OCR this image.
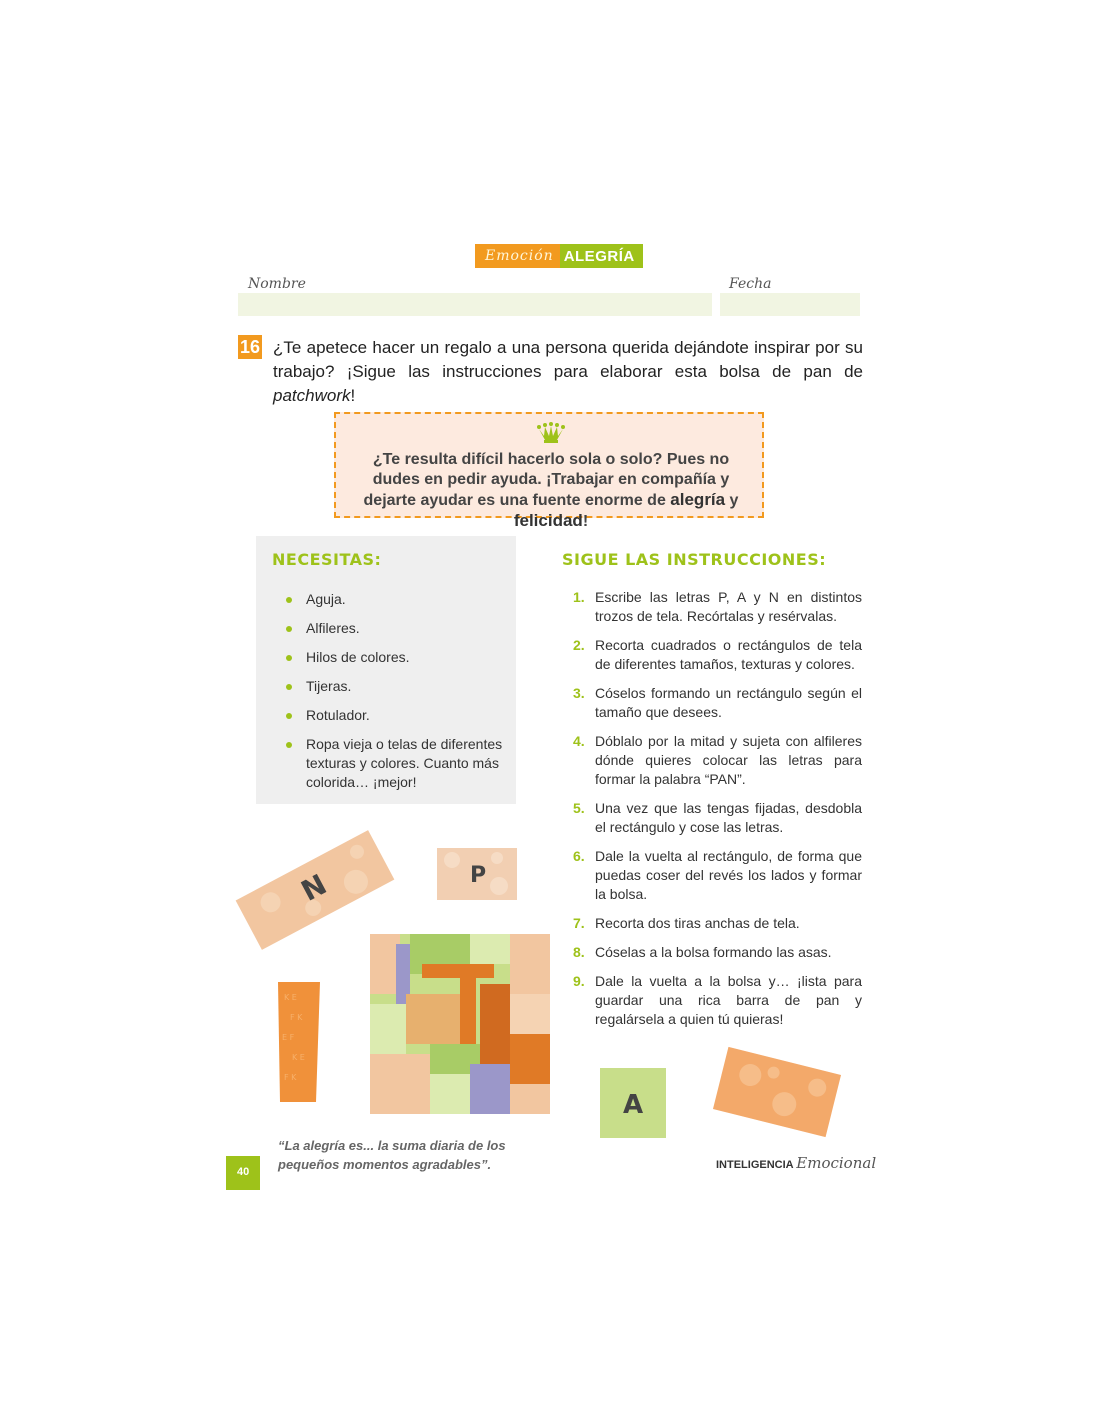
Emoción ALEGRÍA
Nombre	Fecha
16 ¿Te apetece hacer un regalo a una persona querida dejándote inspirar por su trabajo? ¡Sigue las instrucciones para elaborar esta bolsa de pan de patchwork!
¿Te resulta difícil hacerlo sola o solo? Pues no dudes en pedir ayuda. ¡Trabajar en compañía y dejarte ayudar es una fuente enorme de alegría y felicidad!
NECESITAS:
Aguja.
Alfileres.
Hilos de colores.
Tijeras.
Rotulador.
Ropa vieja o telas de diferentes texturas y colores. Cuanto más colorida… ¡mejor!
SIGUE LAS INSTRUCCIONES:
1. Escribe las letras P, A y N en distintos trozos de tela. Recórtalas y resérvalas.
2. Recorta cuadrados o rectángulos de tela de diferentes tamaños, texturas y colores.
3. Cóselos formando un rectángulo según el tamaño que desees.
4. Dóblalo por la mitad y sujeta con alfileres dónde quieres colocar las letras para formar la palabra “PAN”.
5. Una vez que las tengas fijadas, desdobla el rectángulo y cose las letras.
6. Dale la vuelta al rectángulo, de forma que puedas coser del revés los lados y formar la bolsa.
7. Recorta dos tiras anchas de tela.
8. Cóselas a la bolsa formando las asas.
9. Dale la vuelta a la bolsa y… ¡lista para guardar una rica barra de pan y regalársela a quien tú quieras!
N	P
K E
F K
E F
K E
F K
A
“La alegría es... la suma diaria de los pequeños momentos agradables”.
40
INTELIGENCIA Emocional
